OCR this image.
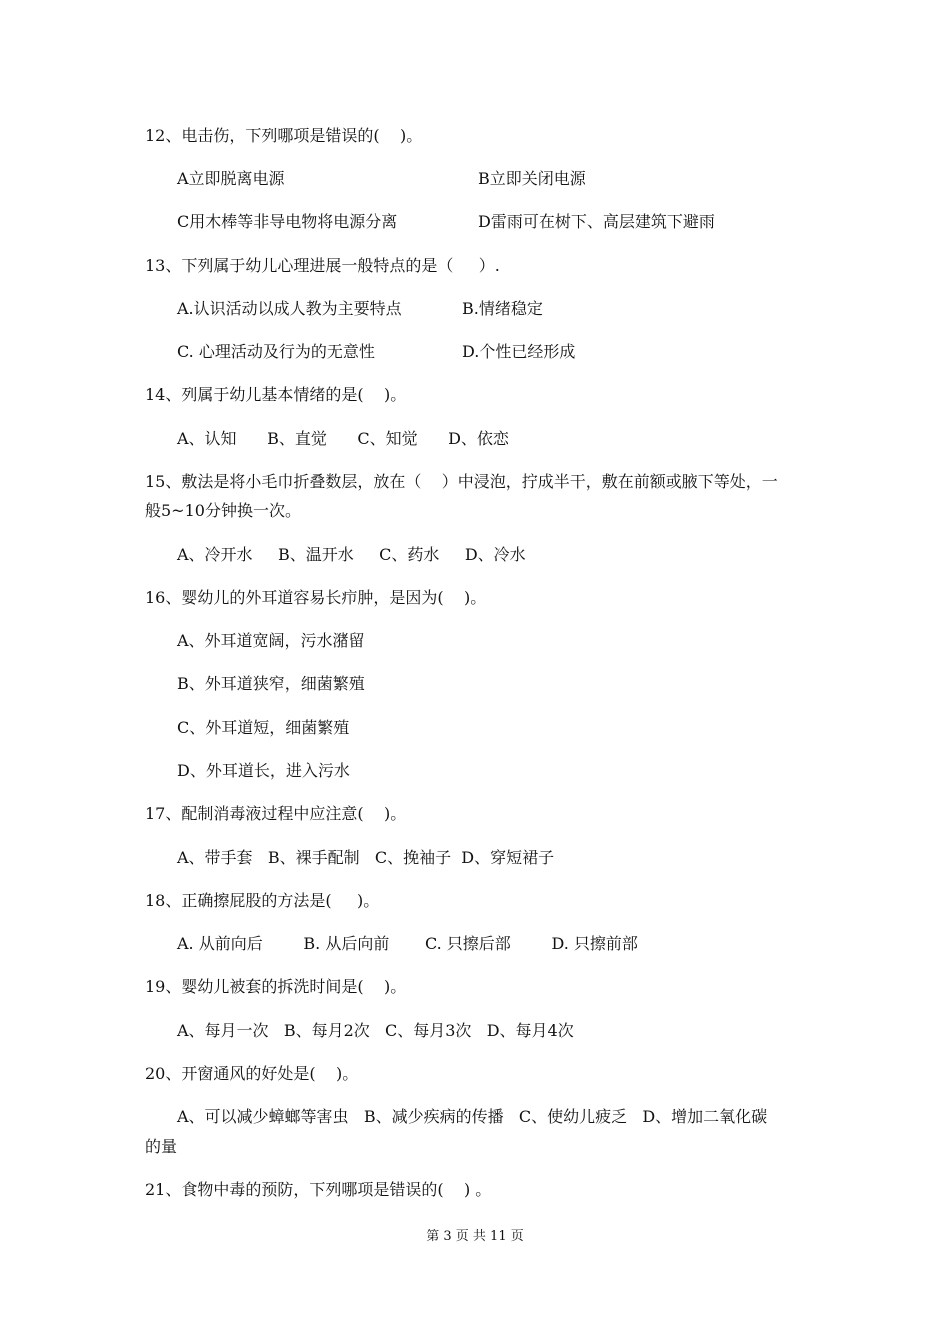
12、电击伤，下列哪项是错误的(    )。
A立即脱离电源	B立即关闭电源
C用木棒等非导电物将电源分离	D雷雨可在树下、高层建筑下避雨
13、下列属于幼儿心理进展一般特点的是（     ）.
A.认识活动以成人教为主要特点	B.情绪稳定
C. 心理活动及行为的无意性	D.个性已经形成
14、列属于幼儿基本情绪的是(    )。
A、认知      B、直觉      C、知觉      D、依恋
15、敷法是将小毛巾折叠数层，放在（    ）中浸泡，拧成半干，敷在前额或腋下等处，一
般5~10分钟换一次。
A、冷开水     B、温开水     C、药水     D、冷水
16、婴幼儿的外耳道容易长疖肿，是因为(    )。
A、外耳道宽阔，污水潴留
B、外耳道狭窄，细菌繁殖
C、外耳道短，细菌繁殖
D、外耳道长，进入污水
17、配制消毒液过程中应注意(    )。
A、带手套   B、裸手配制   C、挽袖子  D、穿短裙子
18、正确擦屁股的方法是(     )。
A. 从前向后        B. 从后向前       C. 只擦后部        D. 只擦前部
19、婴幼儿被套的拆洗时间是(    )。
A、每月一次   B、每月2次   C、每月3次   D、每月4次
20、开窗通风的好处是(    )。
A、可以减少蟑螂等害虫   B、减少疾病的传播   C、使幼儿疲乏   D、增加二氧化碳
的量
21、食物中毒的预防，下列哪项是错误的(    ) 。
第 3 页 共 11 页
